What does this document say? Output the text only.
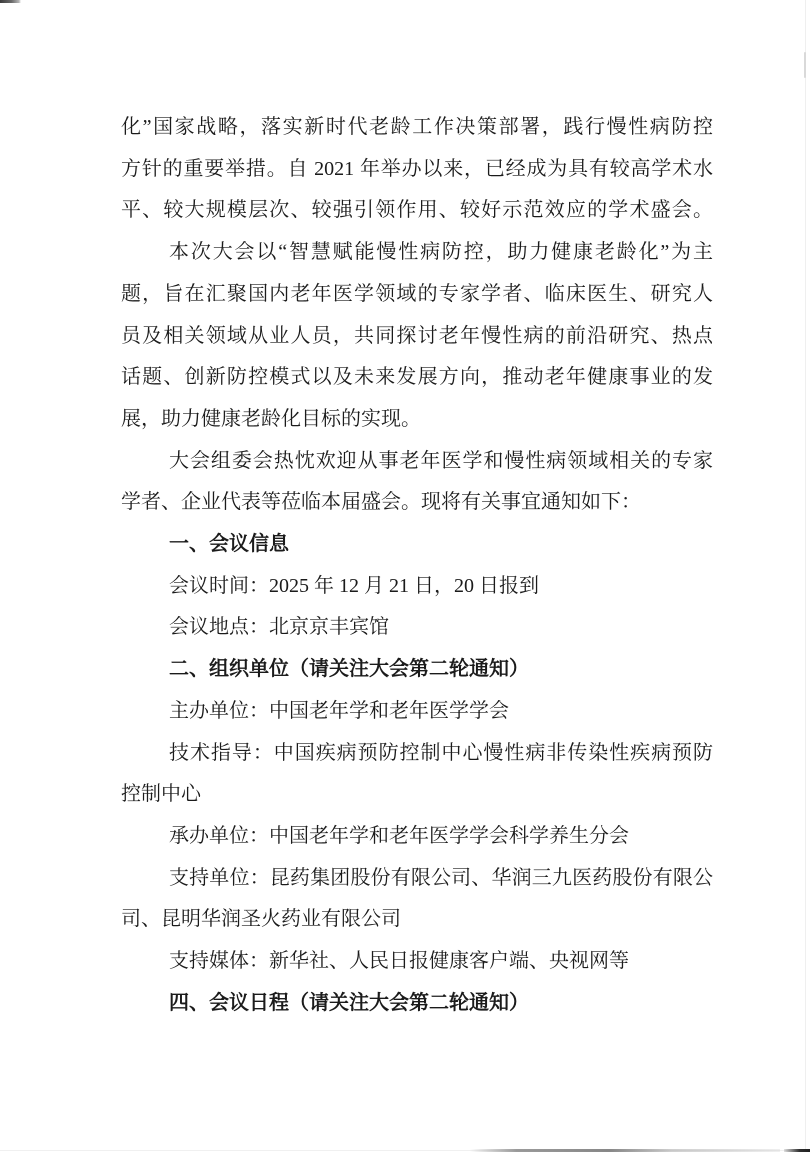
化”国家战略，落实新时代老龄工作决策部署，践行慢性病防控
方针的重要举措。自 2021 年举办以来，已经成为具有较高学术水
平、较大规模层次、较强引领作用、较好示范效应的学术盛会。
本次大会以“智慧赋能慢性病防控，助力健康老龄化”为主
题，旨在汇聚国内老年医学领域的专家学者、临床医生、研究人
员及相关领域从业人员，共同探讨老年慢性病的前沿研究、热点
话题、创新防控模式以及未来发展方向，推动老年健康事业的发
展，助力健康老龄化目标的实现。
大会组委会热忱欢迎从事老年医学和慢性病领域相关的专家
学者、企业代表等莅临本届盛会。现将有关事宜通知如下：
一、会议信息
会议时间：2025 年 12 月 21 日，20 日报到
会议地点：北京京丰宾馆
二、组织单位（请关注大会第二轮通知）
主办单位：中国老年学和老年医学学会
技术指导：中国疾病预防控制中心慢性病非传染性疾病预防
控制中心
承办单位：中国老年学和老年医学学会科学养生分会
支持单位：昆药集团股份有限公司、华润三九医药股份有限公
司、昆明华润圣火药业有限公司
支持媒体：新华社、人民日报健康客户端、央视网等
四、会议日程（请关注大会第二轮通知）
